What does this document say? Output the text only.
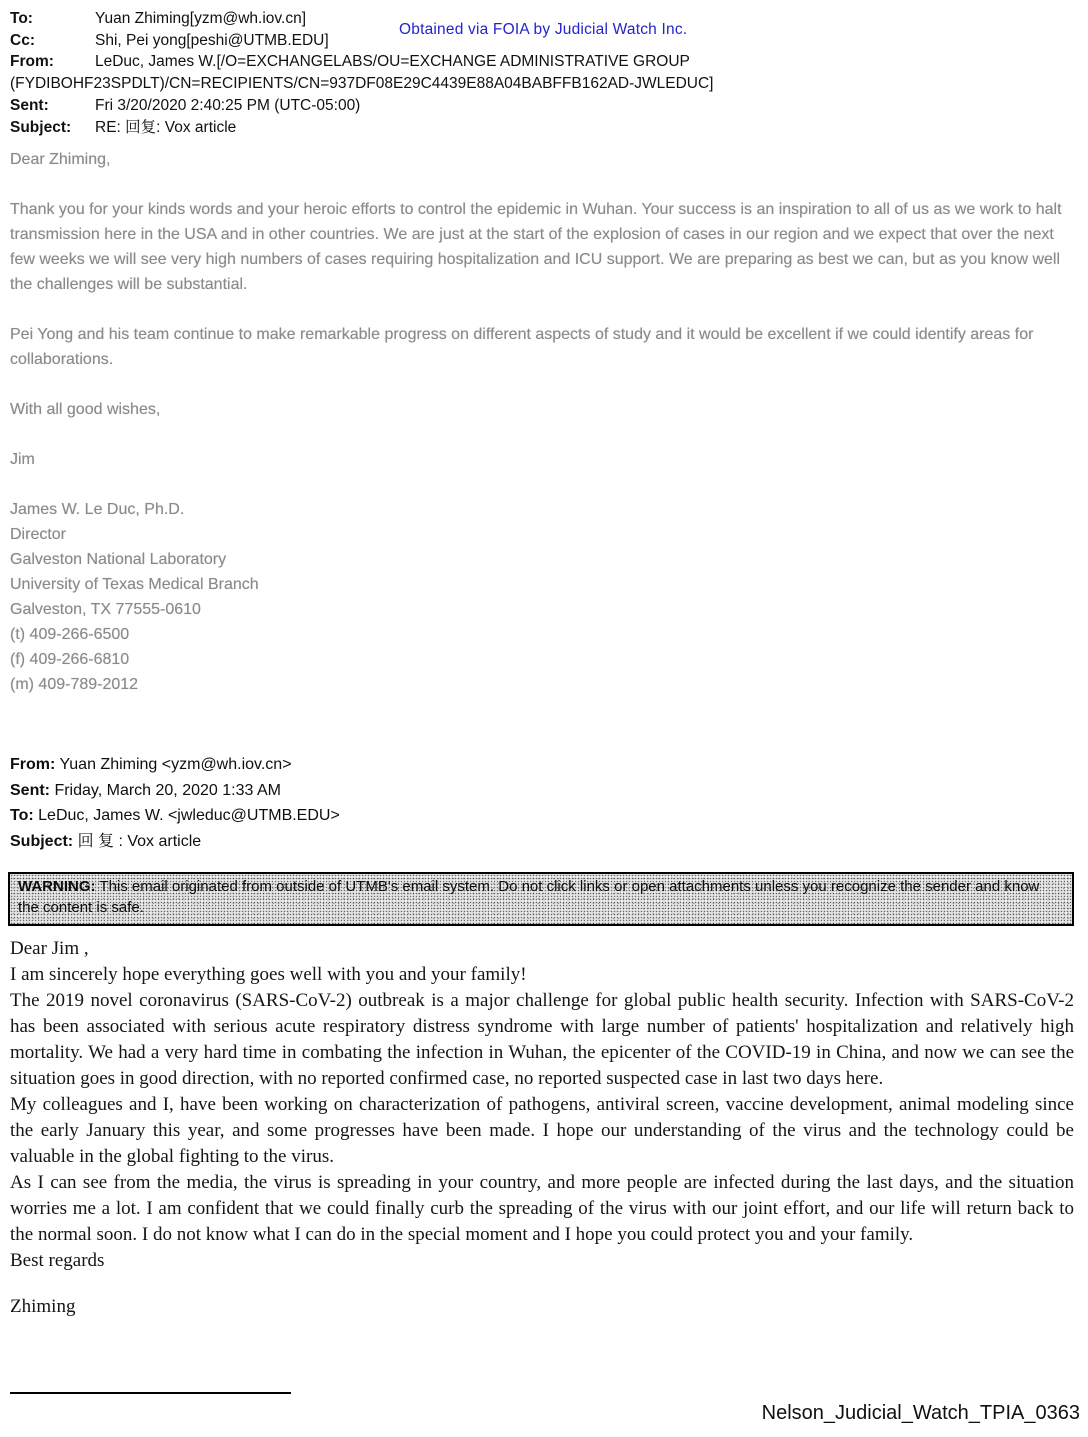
To:	Yuan Zhiming[yzm@wh.iov.cn]
Cc:	Shi, Pei yong[peshi@UTMB.EDU]
From:	LeDuc, James W.[/O=EXCHANGELABS/OU=EXCHANGE ADMINISTRATIVE GROUP
(FYDIBOHF23SPDLT)/CN=RECIPIENTS/CN=937DF08E29C4439E88A04BABFFB162AD-JWLEDUC]
Sent:	Fri 3/20/2020 2:40:25 PM (UTC-05:00)
Subject: RE: 回复: Vox article
Obtained via FOIA by Judicial Watch Inc.

Dear Zhiming,

Thank you for your kinds words and your heroic efforts to control the epidemic in Wuhan. Your success is an inspiration to all of us as we work to halt transmission here in the USA and in other countries. We are just at the start of the explosion of cases in our region and we expect that over the next few weeks we will see very high numbers of cases requiring hospitalization and ICU support. We are preparing as best we can, but as you know well the challenges will be substantial.

Pei Yong and his team continue to make remarkable progress on different aspects of study and it would be excellent if we could identify areas for collaborations.

With all good wishes,

Jim

James W. Le Duc, Ph.D.
Director
Galveston National Laboratory
University of Texas Medical Branch
Galveston, TX 77555-0610
(t) 409-266-6500
(f) 409-266-6810
(m) 409-789-2012
From: Yuan Zhiming <yzm@wh.iov.cn>
Sent: Friday, March 20, 2020 1:33 AM
To: LeDuc, James W. <jwleduc@UTMB.EDU>
Subject: 回 复 : Vox article
WARNING: This email originated from outside of UTMB's email system. Do not click links or open attachments unless you recognize the sender and know the content is safe.

Dear Jim ,

I am sincerely hope everything goes well with you and your family!

The 2019 novel coronavirus (SARS-CoV-2) outbreak is a major challenge for global public health security. Infection with SARS-CoV-2 has been associated with serious acute respiratory distress syndrome with large number of patients' hospitalization and relatively high mortality. We had a very hard time in combating the infection in Wuhan, the epicenter of the COVID-19 in China, and now we can see the situation goes in good direction, with no reported confirmed case, no reported suspected case in last two days here.

My colleagues and I, have been working on characterization of pathogens, antiviral screen, vaccine development, animal modeling since the early January this year, and some progresses have been made. I hope our understanding of the virus and the technology could be valuable in the global fighting to the virus.

As I can see from the media, the virus is spreading in your country, and more people are infected during the last days, and the situation worries me a lot. I am confident that we could finally curb the spreading of the virus with our joint effort, and our life will return back to the normal soon. I do not know what I can do in the special moment and I hope you could protect you and your family.

Best regards

Zhiming

Nelson_Judicial_Watch_TPIA_0363
